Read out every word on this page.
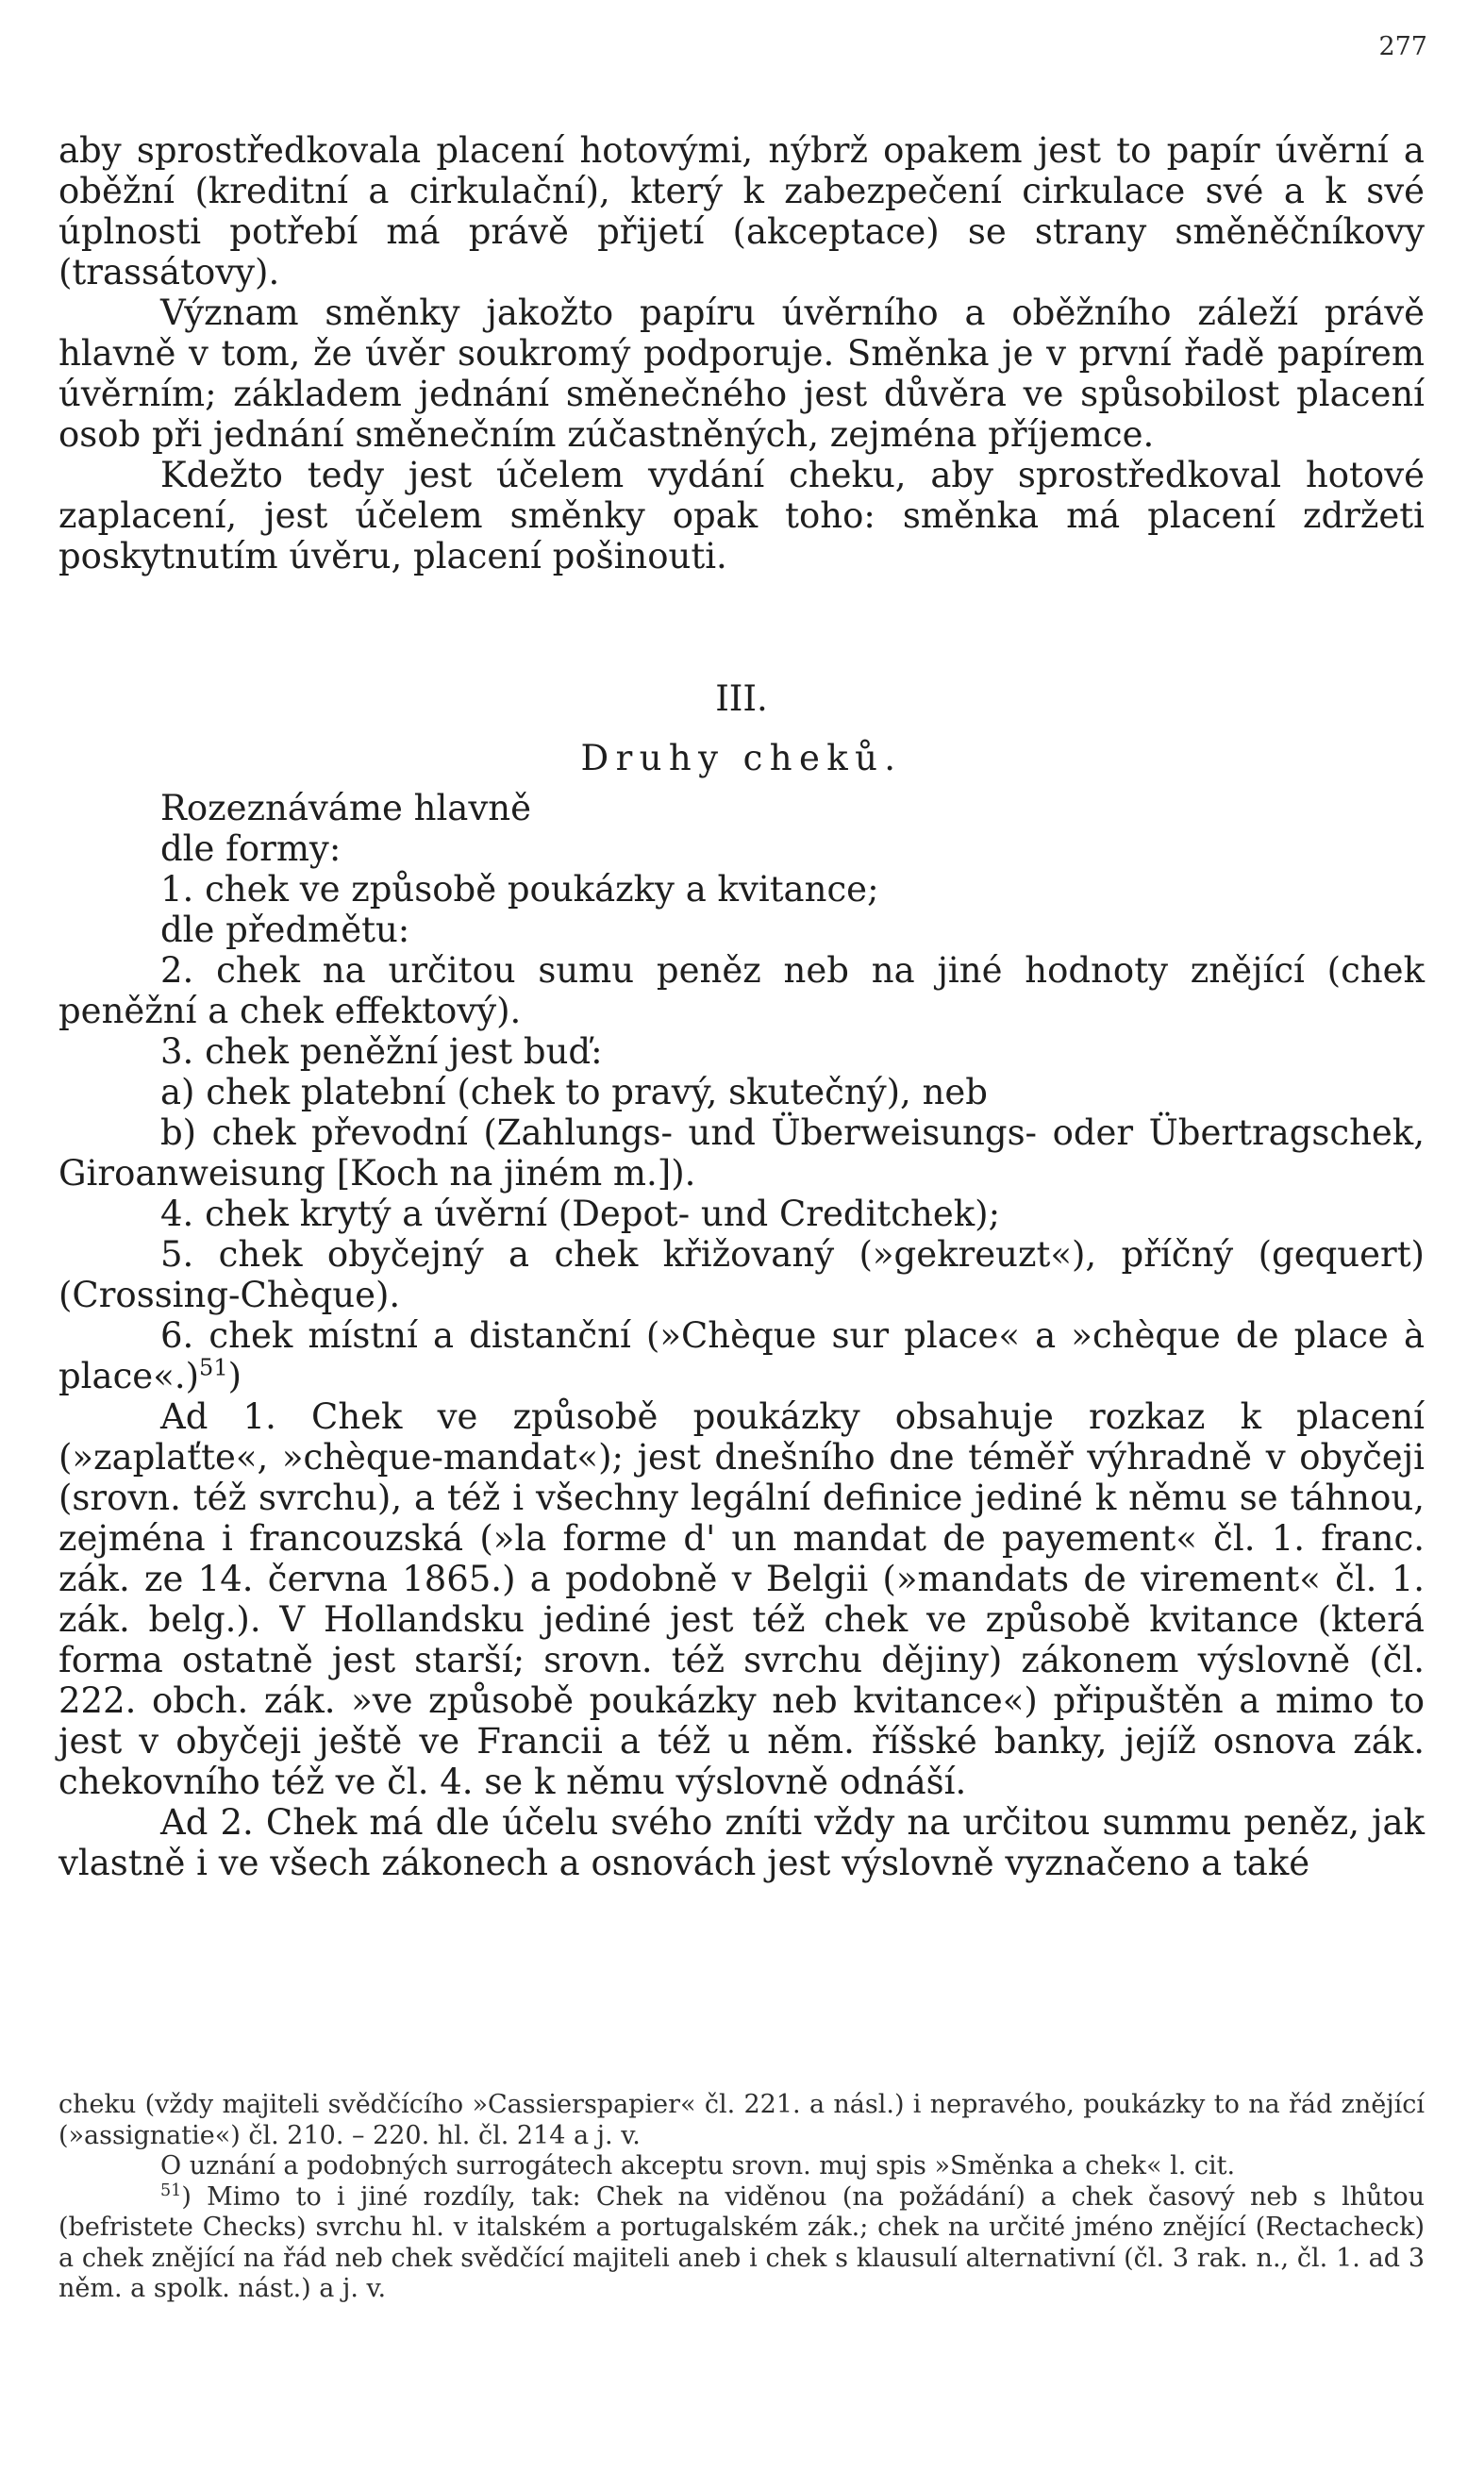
277

aby sprostředkovala placení hotovými, nýbrž opakem jest to papír úvěrní a oběžní (kreditní a cirkulační), který k zabezpečení cirkulace své a k své úplnosti potřebí má právě přijetí (akceptace) se strany směněčníkovy (trassátovy).

Význam směnky jakožto papíru úvěrního a oběžního záleží právě hlavně v tom, že úvěr soukromý podporuje. Směnka je v první řadě papírem úvěrním; základem jednání směnečného jest důvěra ve spůsobilost placení osob při jednání směnečním zúčastněných, zejména příjemce.

Kdežto tedy jest účelem vydání cheku, aby sprostředkoval hotové zaplacení, jest účelem směnky opak toho: směnka má placení zdržeti poskytnutím úvěru, placení pošinouti.

III.

Druhy cheků.

Rozeznáváme hlavně

dle formy:

1. chek ve způsobě poukázky a kvitance;

dle předmětu:

2. chek na určitou sumu peněz neb na jiné hodnoty znějící (chek peněžní a chek effektový).

3. chek peněžní jest buď:

a) chek platební (chek to pravý, skutečný), neb

b) chek převodní (Zahlungs- und Überweisungs- oder Übertragschek, Giroanweisung [Koch na jiném m.]).

4. chek krytý a úvěrní (Depot- und Creditchek);

5. chek obyčejný a chek křižovaný (»gekreuzt«), příčný (gequert) (Crossing-Chèque).

6. chek místní a distanční (»Chèque sur place« a »chèque de place à place«.)$^{51}$)

Ad 1. Chek ve způsobě poukázky obsahuje rozkaz k placení (»zaplaťte«, »chèque-mandat«); jest dnešního dne téměř výhradně v obyčeji (srovn. též svrchu), a též i všechny legální definice jediné k němu se táhnou, zejména i francouzská (»la forme d' un mandat de payement« čl. 1. franc. zák. ze 14. června 1865.) a podobně v Belgii (»mandats de virement« čl. 1. zák. belg.). V Hollandsku jediné jest též chek ve způsobě kvitance (která forma ostatně jest starší; srovn. též svrchu dějiny) zákonem výslovně (čl. 222. obch. zák. »ve způsobě poukázky neb kvitance«) připuštěn a mimo to jest v obyčeji ještě ve Francii a též u něm. říšské banky, jejíž osnova zák. chekovního též ve čl. 4. se k němu výslovně odnáší.

Ad 2. Chek má dle účelu svého zníti vždy na určitou summu peněz, jak vlastně i ve všech zákonech a osnovách jest výslovně vyznačeno a také

cheku (vždy majiteli svědčícího »Cassierspapier« čl. 221. a násl.) i nepravého, poukázky to na řád znějící (»assignatie«) čl. 210. – 220. hl. čl. 214 a j. v.

O uznání a podobných surrogátech akceptu srovn. muj spis »Směnka a chek« l. cit.

$^{51}$) Mimo to i jiné rozdíly, tak: Chek na viděnou (na požádání) a chek časový neb s lhůtou (befristete Checks) svrchu hl. v italském a portugalském zák.; chek na určité jméno znějící (Rectacheck) a chek znějící na řád neb chek svědčící majiteli aneb i chek s klausulí alternativní (čl. 3 rak. n., čl. 1. ad 3 něm. a spolk. nást.) a j. v.
